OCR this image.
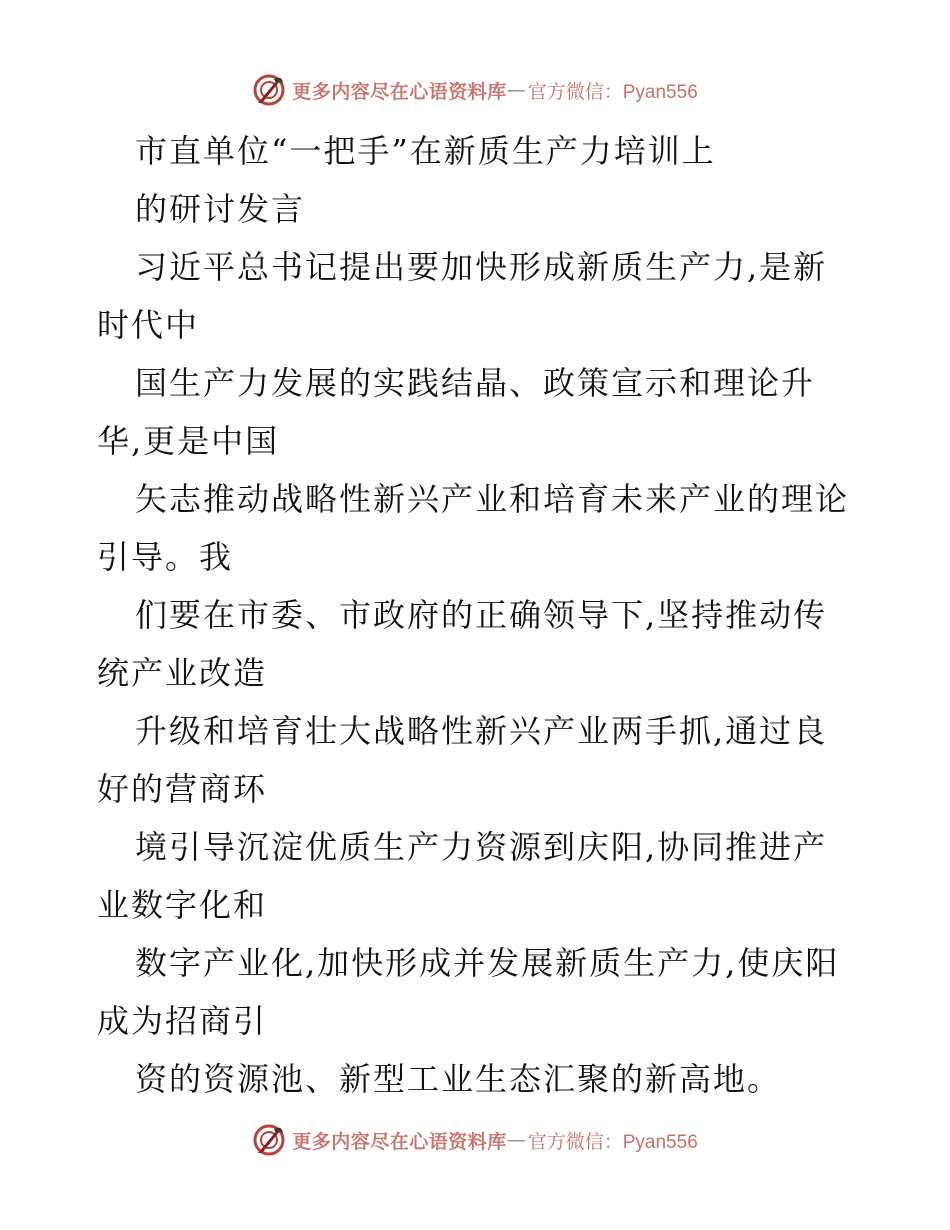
更多内容尽在心语资料库 — 官方微信：Pyan556
市直单位“一把手”在新质生产力培训上
的研讨发言
习近平总书记提出要加快形成新质生产力,是新
时代中
国生产力发展的实践结晶、政策宣示和理论升
华,更是中国
矢志推动战略性新兴产业和培育未来产业的理论
引导。我
们要在市委、市政府的正确领导下,坚持推动传
统产业改造
升级和培育壮大战略性新兴产业两手抓,通过良
好的营商环
境引导沉淀优质生产力资源到庆阳,协同推进产
业数字化和
数字产业化,加快形成并发展新质生产力,使庆阳
成为招商引
资的资源池、新型工业生态汇聚的新高地。
更多内容尽在心语资料库 — 官方微信：Pyan556
